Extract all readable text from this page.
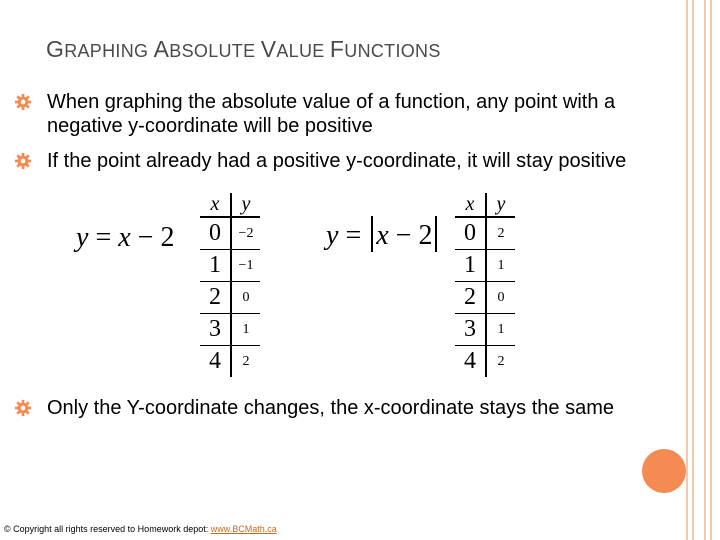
GRAPHING ABSOLUTE VALUE FUNCTIONS
When graphing the absolute value of a function, any point with a negative y-coordinate will be positive
If the point already had a positive y-coordinate, it will stay positive
Only the Y-coordinate changes, the x-coordinate stays the same
y = x − 2
x	y
0	−2
1	−1
2	0
3	1
4	2
y = x − 2
x	y
0	2
1	1
2	0
3	1
4	2
© Copyright all rights reserved to Homework depot: www.BCMath.ca
